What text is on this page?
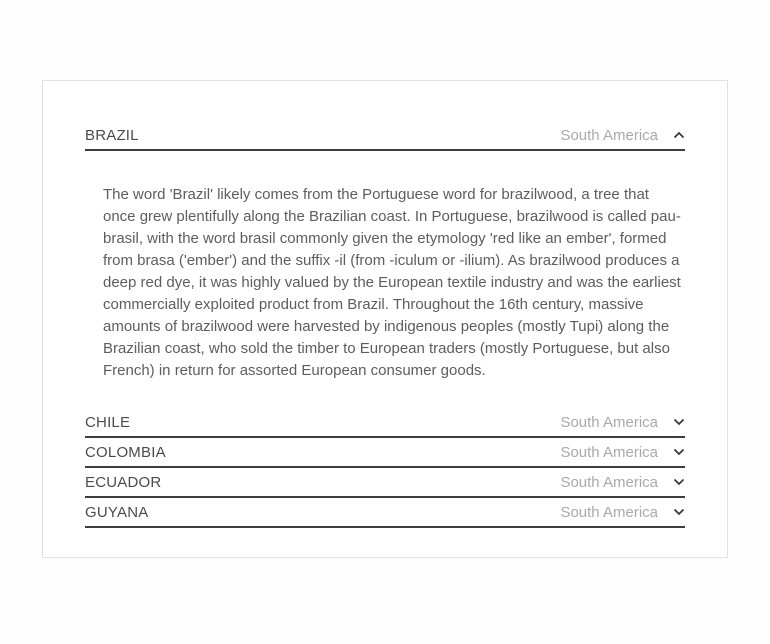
BRAZIL	South America

The word 'Brazil' likely comes from the Portuguese word for brazilwood, a tree that once grew plentifully along the Brazilian coast. In Portuguese, brazilwood is called pau-brasil, with the word brasil commonly given the etymology 'red like an ember', formed from brasa ('ember') and the suffix -il (from -iculum or -ilium). As brazilwood produces a deep red dye, it was highly valued by the European textile industry and was the earliest commercially exploited product from Brazil. Throughout the 16th century, massive amounts of brazilwood were harvested by indigenous peoples (mostly Tupi) along the Brazilian coast, who sold the timber to European traders (mostly Portuguese, but also French) in return for assorted European consumer goods.

CHILE	South America
COLOMBIA	South America
ECUADOR	South America
GUYANA	South America
